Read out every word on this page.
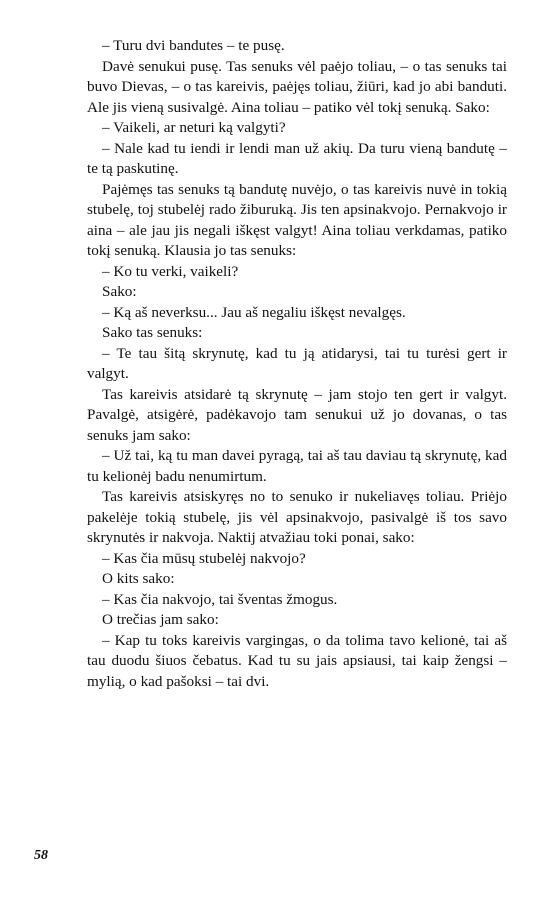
– Turu dvi bandutes – te pusę.

Davė senukui pusę. Tas senuks vėl paėjo toliau, – o tas senuks tai buvo Dievas, – o tas kareivis, paėjęs toliau, žiūri, kad jo abi banduti. Ale jis vieną susivalgė. Aina toliau – patiko vėl tokį senuką. Sako:

– Vaikeli, ar neturi ką valgyti?

– Nale kad tu iendi ir lendi man už akių. Da turu vieną bandutę – te tą paskutinę.

Pajėmęs tas senuks tą bandutę nuvėjo, o tas kareivis nuvė in tokią stubelę, toj stubelėj rado žiburuką. Jis ten apsinakvojo. Pernakvojo ir aina – ale jau jis negali iškęst valgyt! Aina toliau verkdamas, patiko tokį senuką. Klausia jo tas senuks:

– Ko tu verki, vaikeli?

Sako:

– Ką aš neverksu... Jau aš negaliu iškęst nevalgęs.

Sako tas senuks:

– Te tau šitą skrynutę, kad tu ją atidarysi, tai tu turėsi gert ir valgyt.

Tas kareivis atsidarė tą skrynutę – jam stojo ten gert ir valgyt. Pavalgė, atsigėrė, padėkavojo tam senukui už jo dovanas, o tas senuks jam sako:

– Už tai, ką tu man davei pyragą, tai aš tau daviau tą skrynutę, kad tu kelionėj badu nenumirtum.

Tas kareivis atsiskyręs no to senuko ir nukeliavęs toliau. Priėjo pakelėje tokią stubelę, jis vėl apsinakvojo, pasivalgė iš tos savo skrynutės ir nakvoja. Naktij atvažiau toki ponai, sako:

– Kas čia mūsų stubelėj nakvojo?

O kits sako:

– Kas čia nakvojo, tai šventas žmogus.

O trečias jam sako:

– Kap tu toks kareivis vargingas, o da tolima tavo kelionė, tai aš tau duodu šiuos čebatus. Kad tu su jais apsiausi, tai kaip žengsi – mylią, o kad pašoksi – tai dvi.

58
